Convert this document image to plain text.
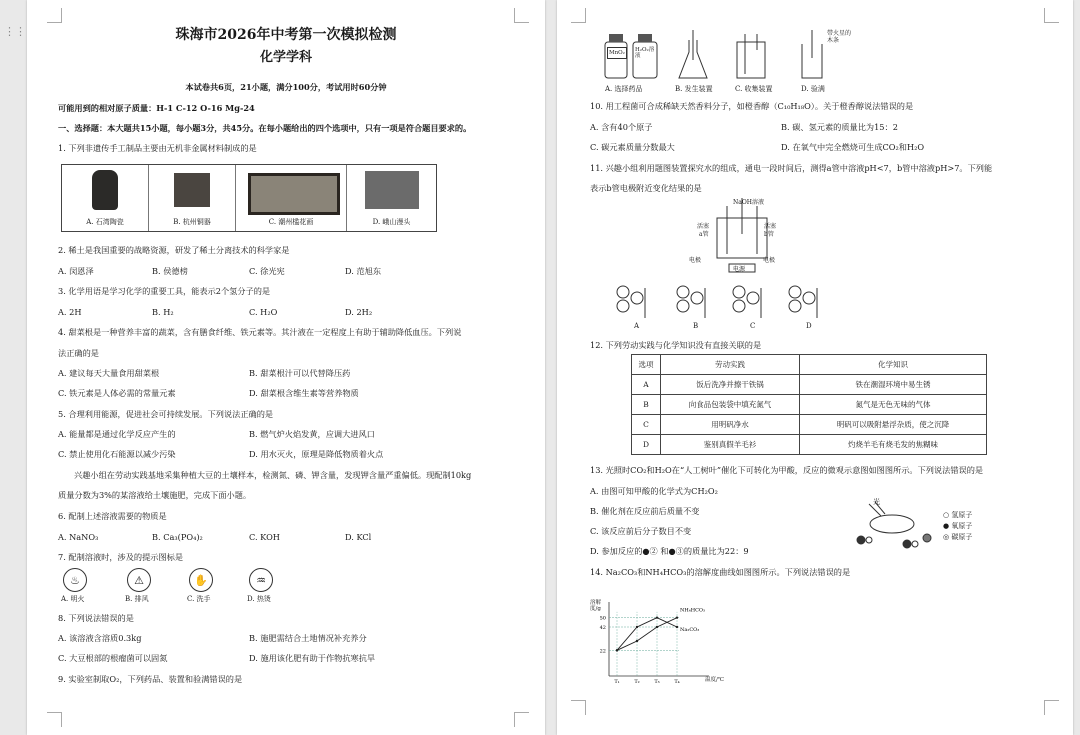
珠海市2026年中考第一次模拟检测
化学学科
本试卷共6页，21小题，满分100分，考试用时60分钟
可能用到的相对原子质量：H-1 C-12 O-16 Mg-24
一、选择题：本大题共15小题，每小题3分，共45分。在每小题给出的四个选项中，只有一项是符合题目要求的。
1. 下列非遗传手工制品主要由无机非金属材料制成的是
A. 石湾陶瓷	B. 杭州铜器	C. 潮州槛花画	D. 峨山漫头
2. 稀土是我国重要的战略资源，研发了稀土分离技术的科学家是
A. 闵恩泽	B. 侯德榜	C. 徐光宪	D. 范旭东
3. 化学用语是学习化学的重要工具，能表示2个氢分子的是
A. 2H	B. H₂	C. H₂O	D. 2H₂
4. 甜菜根是一种营养丰富的蔬菜，含有膳食纤维、铁元素等。其汁液在一定程度上有助于辅助降低血压。下列说
法正确的是
A. 建议每天大量食用甜菜根	B. 甜菜根汁可以代替降压药
C. 铁元素是人体必需的常量元素	D. 甜菜根含维生素等营养物质
5. 合理利用能源，促进社会可持续发展。下列说法正确的是
A. 能量都是通过化学反应产生的	B. 燃气炉火焰发黄，应调大进风口
C. 禁止使用化石能源以减少污染	D. 用水灭火，原理是降低物质着火点
兴趣小组在劳动实践基地采集种植大豆的土壤样本，检测氮、磷、钾含量，发现钾含量严重偏低。现配制10kg
质量分数为3%的某溶液给土壤施肥，完成下面小题。
6. 配制上述溶液需要的物质是
A. NaNO₃	B. Ca₃(PO₄)₂	C. KOH	D. KCl
7. 配制溶液时，涉及的提示图标是
♨	⚠	✋	♒
A. 明火	B. 排风	C. 洗手	D. 热烫
8. 下列说法错误的是
A. 该溶液含溶质0.3kg	B. 施肥需结合土地情况补充养分
C. 大豆根部的根瘤菌可以固氮	D. 施用该化肥有助于作物抗寒抗旱
9. 实验室制取O₂，下列药品、装置和验满错误的是
⋮⋮
MnO₂	H₂O₂溶液
带火星的木条
A. 选择药品	B. 发生装置	C. 收集装置	D. 验满
10. 用工程菌可合成稀缺天然香料分子，如橙香醇（C₁₀H₁₈O）。关于橙香醇说法错误的是
A. 含有40个原子	B. 碳、氢元素的质量比为15：2
C. 碳元素质量分数最大	D. 在氧气中完全燃烧可生成CO₂和H₂O
11. 兴趣小组利用题图装置探究水的组成，通电一段时间后，测得a管中溶液pH<7，b管中溶液pH>7。下列能
表示b管电极附近变化结果的是
NaOH溶液
活塞
a管
活塞
b管
电极	电极
电源
A	B	C	D
12. 下列劳动实践与化学知识没有直接关联的是
选项	劳动实践	化学知识
A	饭后洗净并擦干铁锅	铁在潮湿环境中易生锈
B	向食品包装袋中填充氮气	氮气是无色无味的气体
C	用明矾净水	明矾可以吸附悬浮杂质，使之沉降
D	鉴别真假羊毛衫	灼烧羊毛有烧毛发的焦糊味
13. 光照时CO₂和H₂O在“人工树叶”催化下可转化为甲酸，反应的微观示意图如图图所示。下列说法错误的是
A. 由图可知甲酸的化学式为CH₂O₂
B. 催化剂在反应前后质量不变
C. 该反应前后分子数目不变
D. 参加反应的●② 和●③的质量比为22：9
光
○ 氢原子
● 氧原子
◎ 碳原子
14. Na₂CO₃和NH₄HCO₃的溶解度曲线如图图所示。下列说法错误的是
50
42
22
T₁	T₂	T₃	T₄
NH₄HCO₃
Na₂CO₃
溶解度/g
温度/℃
